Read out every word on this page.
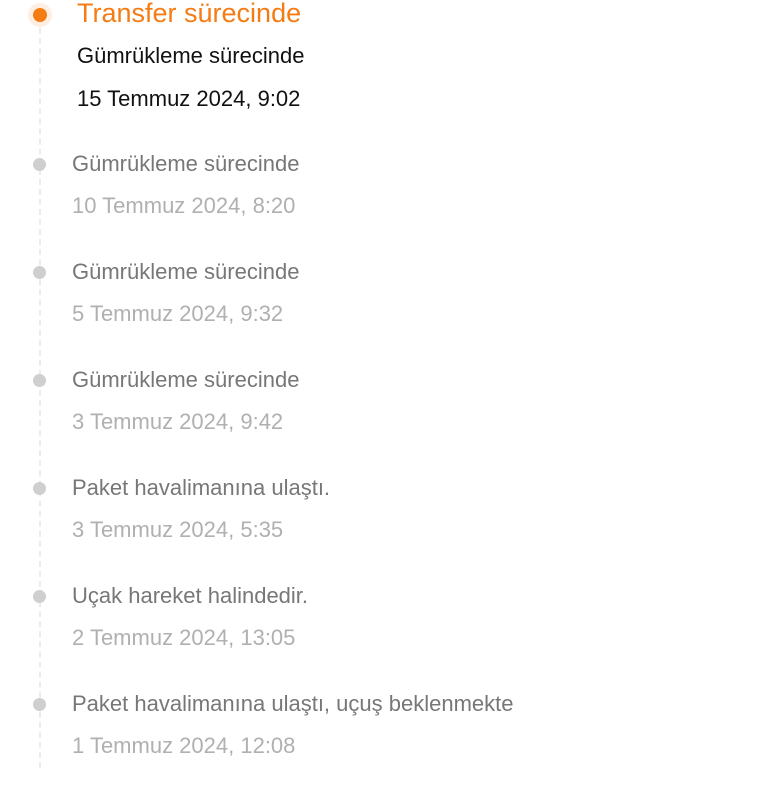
Transfer sürecinde
Gümrükleme sürecinde
15 Temmuz 2024, 9:02
Gümrükleme sürecinde
10 Temmuz 2024, 8:20
Gümrükleme sürecinde
5 Temmuz 2024, 9:32
Gümrükleme sürecinde
3 Temmuz 2024, 9:42
Paket havalimanına ulaştı.
3 Temmuz 2024, 5:35
Uçak hareket halindedir.
2 Temmuz 2024, 13:05
Paket havalimanına ulaştı, uçuş beklenmekte
1 Temmuz 2024, 12:08
